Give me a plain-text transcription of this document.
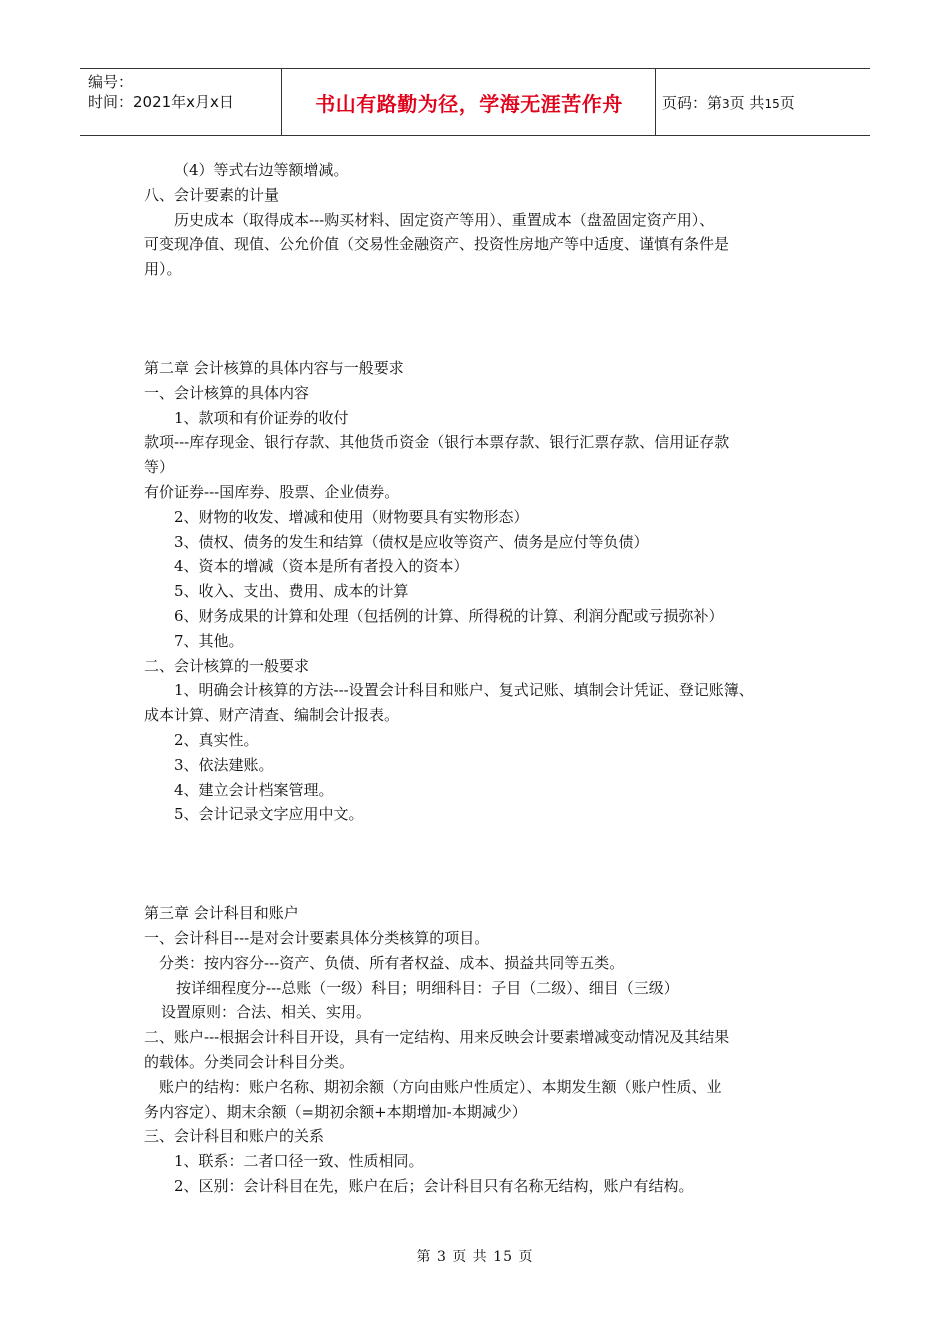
编号：
时间：2021年x月x日	书山有路勤为径，学海无涯苦作舟	页码：第3页 共15页
（4）等式右边等额增减。
八、会计要素的计量
历史成本（取得成本---购买材料、固定资产等用）、重置成本（盘盈固定资产用）、
可变现净值、现值、公允价值（交易性金融资产、投资性房地产等中适度、谨慎有条件是
用）。
第二章 会计核算的具体内容与一般要求
一、会计核算的具体内容
1、款项和有价证券的收付
款项---库存现金、银行存款、其他货币资金（银行本票存款、银行汇票存款、信用证存款
等）
有价证券---国库券、股票、企业债券。
2、财物的收发、增减和使用（财物要具有实物形态）
3、债权、债务的发生和结算（债权是应收等资产、债务是应付等负债）
4、资本的增减（资本是所有者投入的资本）
5、收入、支出、费用、成本的计算
6、财务成果的计算和处理（包括例的计算、所得税的计算、利润分配或亏损弥补）
7、其他。
二、会计核算的一般要求
1、明确会计核算的方法---设置会计科目和账户、复式记账、填制会计凭证、登记账簿、
成本计算、财产清查、编制会计报表。
2、真实性。
3、依法建账。
4、建立会计档案管理。
5、会计记录文字应用中文。
第三章 会计科目和账户
一、会计科目---是对会计要素具体分类核算的项目。
分类：按内容分---资产、负债、所有者权益、成本、损益共同等五类。
按详细程度分---总账（一级）科目；明细科目：子目（二级）、细目（三级）
设置原则：合法、相关、实用。
二、账户---根据会计科目开设，具有一定结构、用来反映会计要素增减变动情况及其结果
的载体。分类同会计科目分类。
账户的结构：账户名称、期初余额（方向由账户性质定）、本期发生额（账户性质、业
务内容定）、期末余额（=期初余额+本期增加-本期减少）
三、会计科目和账户的关系
1、联系：二者口径一致、性质相同。
2、区别：会计科目在先，账户在后；会计科目只有名称无结构，账户有结构。
第 3 页 共 15 页
